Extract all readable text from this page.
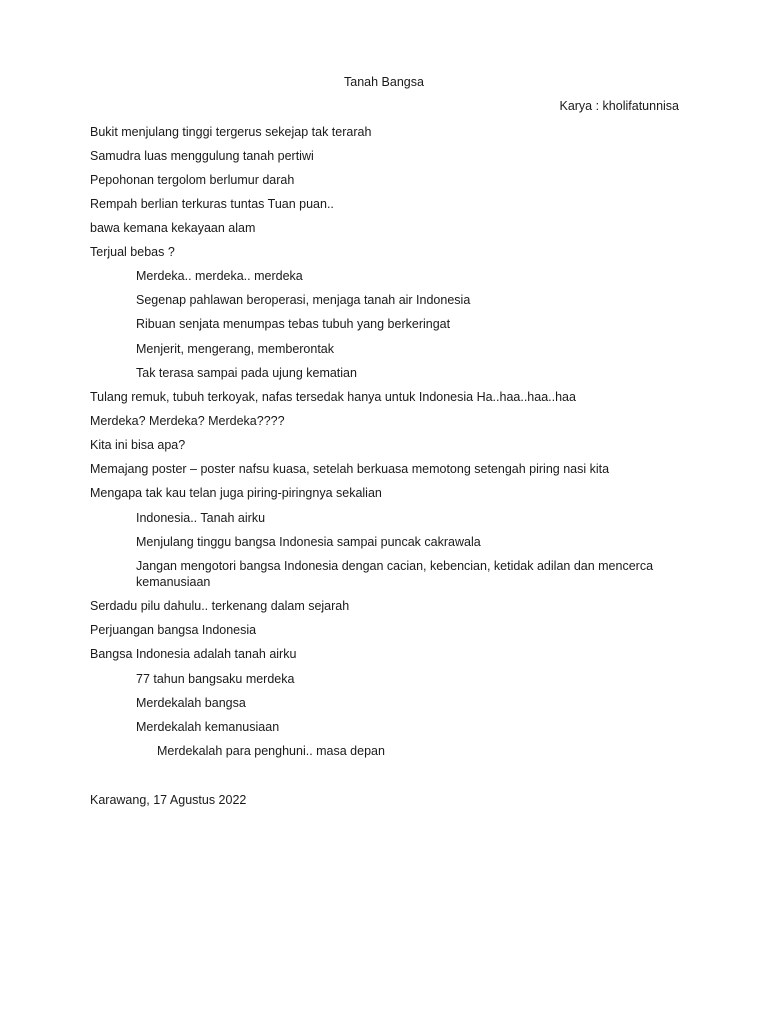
Tanah Bangsa
Karya : kholifatunnisa
Bukit menjulang tinggi tergerus sekejap tak terarah
Samudra luas menggulung tanah pertiwi
Pepohonan tergolom berlumur darah
Rempah berlian terkuras tuntas Tuan puan..
bawa kemana kekayaan alam
Terjual bebas ?
Merdeka.. merdeka.. merdeka
Segenap pahlawan beroperasi, menjaga tanah air Indonesia
Ribuan senjata menumpas tebas tubuh yang berkeringat
Menjerit, mengerang, memberontak
Tak terasa sampai pada ujung kematian
Tulang remuk, tubuh terkoyak, nafas tersedak hanya untuk Indonesia Ha..haa..haa..haa
Merdeka? Merdeka? Merdeka????
Kita ini bisa apa?
Memajang poster – poster nafsu kuasa, setelah berkuasa memotong setengah piring nasi kita
Mengapa tak kau telan juga piring-piringnya sekalian
Indonesia.. Tanah airku
Menjulang tinggu bangsa Indonesia sampai puncak cakrawala
Jangan mengotori bangsa Indonesia dengan cacian, kebencian, ketidak adilan dan mencerca kemanusiaan
Serdadu pilu dahulu.. terkenang dalam sejarah
Perjuangan bangsa Indonesia
Bangsa Indonesia adalah tanah airku
77 tahun bangsaku merdeka
Merdekalah bangsa
Merdekalah kemanusiaan
Merdekalah para penghuni.. masa depan
Karawang, 17 Agustus 2022
